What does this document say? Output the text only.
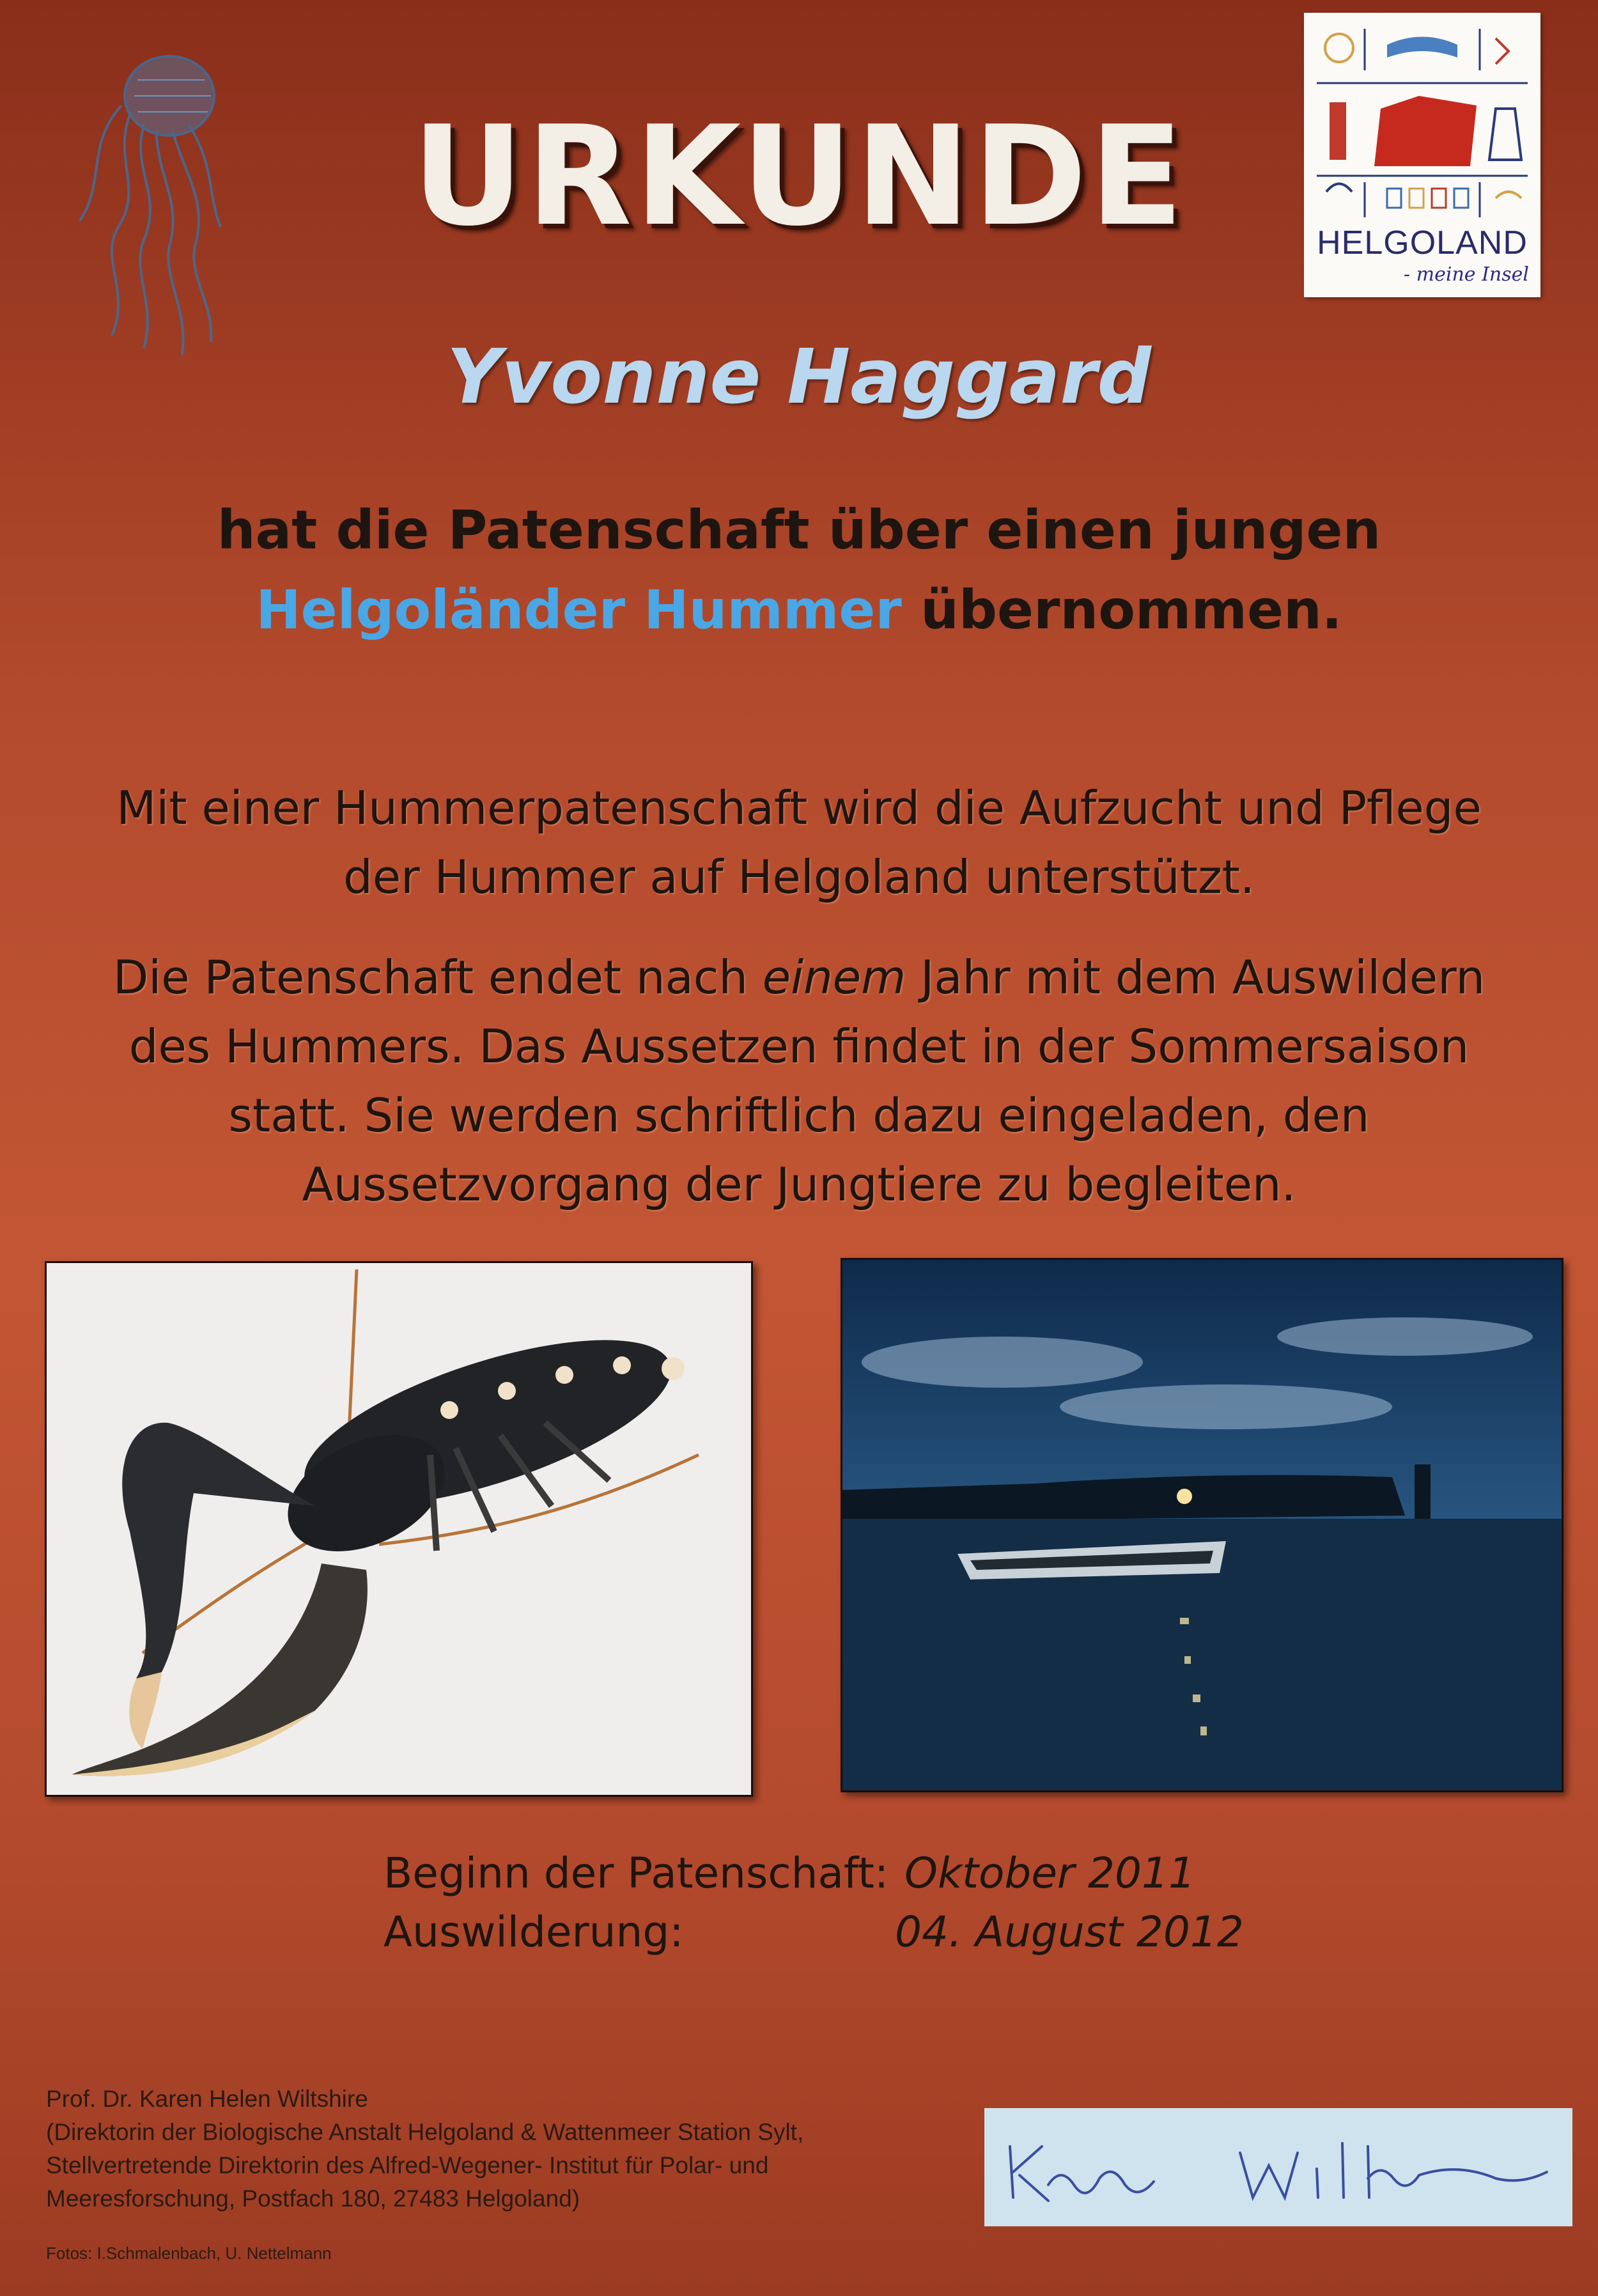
HELGOLAND
- meine Insel
URKUNDE
Yvonne Haggard
hat die Patenschaft über einen jungen
Helgoländer Hummer übernommen.
Mit einer Hummerpatenschaft wird die Aufzucht und Pflege
der Hummer auf Helgoland unterstützt.
Die Patenschaft endet nach einem Jahr mit dem Auswildern
des Hummers. Das Aussetzen findet in der Sommersaison
statt. Sie werden schriftlich dazu eingeladen, den
Aussetzvorgang der Jungtiere zu begleiten.
Beginn der Patenschaft: Oktober 2011
Auswilderung:	04. August 2012
Prof. Dr. Karen Helen Wiltshire
(Direktorin der Biologische Anstalt Helgoland & Wattenmeer Station Sylt,
Stellvertretende Direktorin des Alfred-Wegener- Institut für Polar- und
Meeresforschung, Postfach 180, 27483 Helgoland)
Fotos: I.Schmalenbach, U. Nettelmann
